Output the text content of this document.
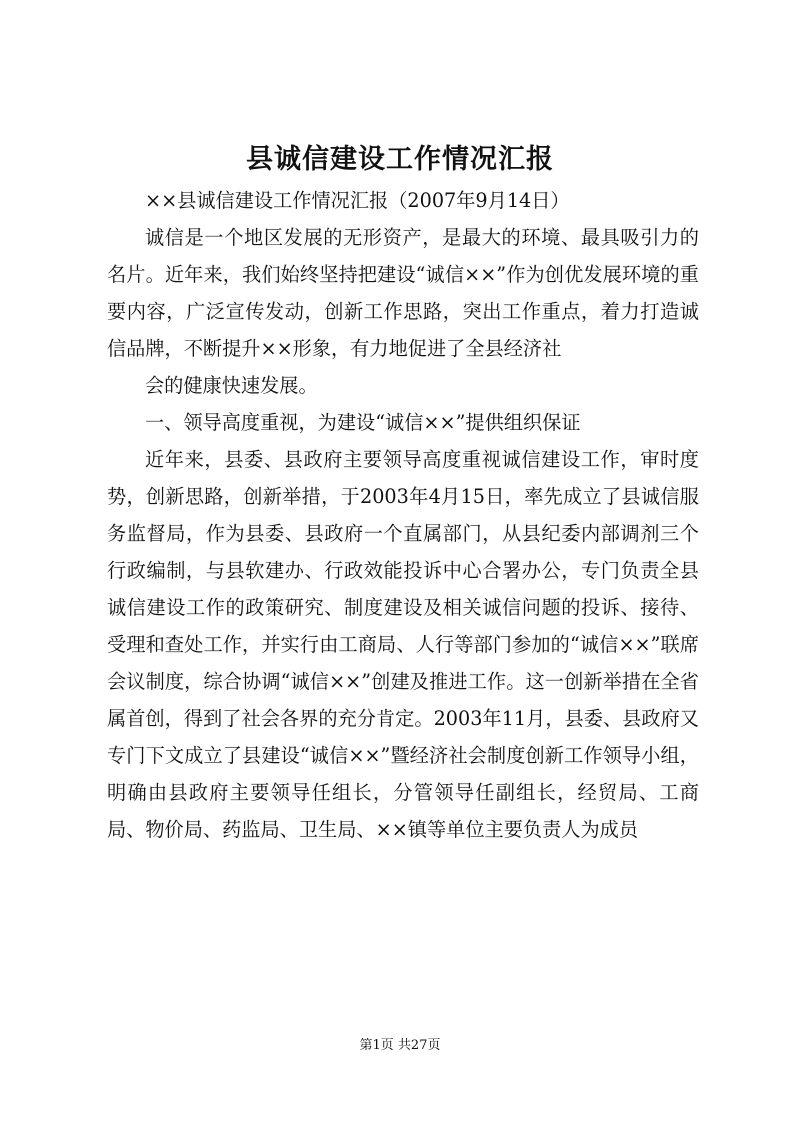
县诚信建设工作情况汇报

××县诚信建设工作情况汇报（2007年9月14日）

诚信是一个地区发展的无形资产，是最大的环境、最具吸引力的名片。近年来，我们始终坚持把建设“诚信××”作为创优发展环境的重要内容，广泛宣传发动，创新工作思路，突出工作重点，着力打造诚信品牌，不断提升××形象，有力地促进了全县经济社

会的健康快速发展。

一、领导高度重视，为建设“诚信××”提供组织保证

近年来，县委、县政府主要领导高度重视诚信建设工作，审时度势，创新思路，创新举措，于2003年4月15日，率先成立了县诚信服务监督局，作为县委、县政府一个直属部门，从县纪委内部调剂三个行政编制，与县软建办、行政效能投诉中心合署办公，专门负责全县诚信建设工作的政策研究、制度建设及相关诚信问题的投诉、接待、受理和查处工作，并实行由工商局、人行等部门参加的“诚信××”联席会议制度，综合协调“诚信××”创建及推进工作。这一创新举措在全省属首创，得到了社会各界的充分肯定。2003年11月，县委、县政府又专门下文成立了县建设“诚信××”暨经济社会制度创新工作领导小组，明确由县政府主要领导任组长，分管领导任副组长，经贸局、工商局、物价局、药监局、卫生局、××镇等单位主要负责人为成员

第1页 共27页
